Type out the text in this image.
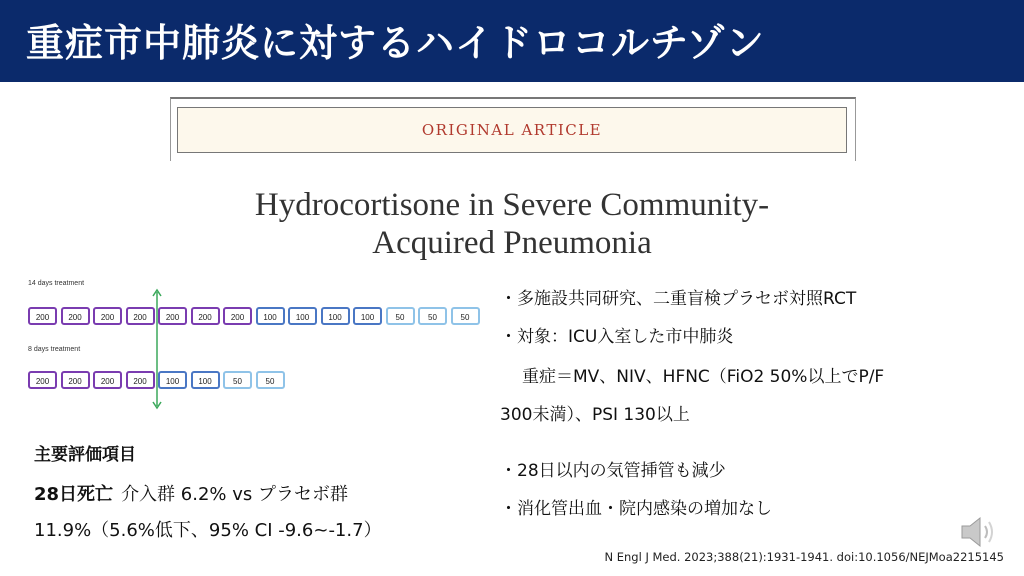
重症市中肺炎に対するハイドロコルチゾン
ORIGINAL ARTICLE
Hydrocortisone in Severe Community-
Acquired Pneumonia
14 days treatment
200	200	200	200	200	200	200	100	100	100	100	50	50	50
8 days treatment
200	200	200	200	100	100	50	50
主要評価項目
28日死亡 介入群 6.2% vs プラセボ群
11.9%（5.6%低下、95% CI -9.6~-1.7）
・多施設共同研究、二重盲検プラセボ対照RCT
・対象：ICU入室した市中肺炎
重症＝MV、NIV、HFNC（FiO2 50%以上でP/F
300未満）、PSI 130以上
・28日以内の気管挿管も減少
・消化管出血・院内感染の増加なし
N Engl J Med. 2023;388(21):1931-1941. doi:10.1056/NEJMoa2215145
